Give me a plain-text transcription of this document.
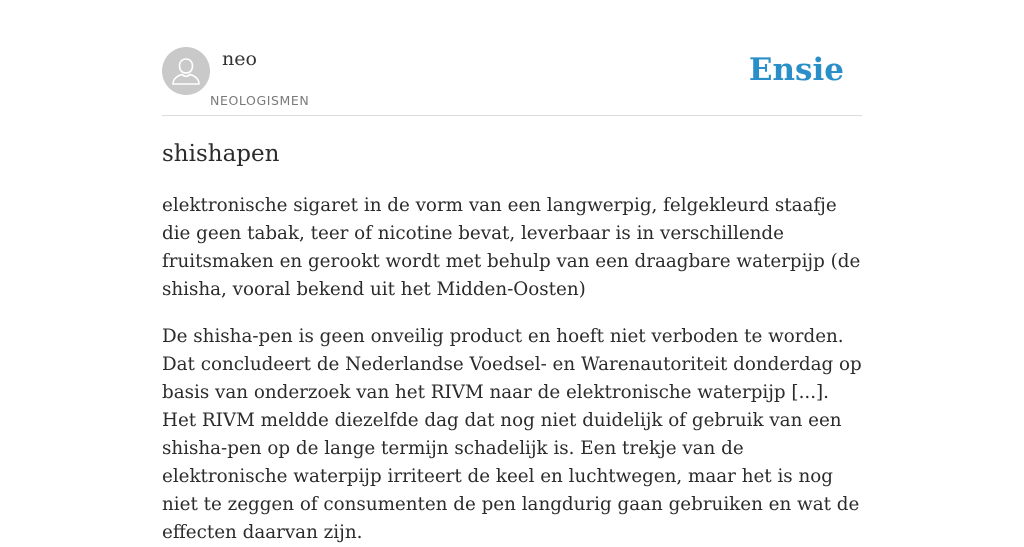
neo
NEOLOGISMEN
Ensie
shishapen

elektronische sigaret in de vorm van een langwerpig, felgekleurd staafje die geen tabak, teer of nicotine bevat, leverbaar is in verschillende fruitsmaken en gerookt wordt met behulp van een draagbare waterpijp (de shisha, vooral bekend uit het Midden-Oosten)

De shisha-pen is geen onveilig product en hoeft niet verboden te worden. Dat concludeert de Nederlandse Voedsel- en Warenautoriteit donderdag op basis van onderzoek van het RIVM naar de elektronische waterpijp [...]. Het RIVM meldde diezelfde dag dat nog niet duidelijk of gebruik van een shisha-pen op de lange termijn schadelijk is. Een trekje van de elektronische waterpijp irriteert de keel en luchtwegen, maar het is nog niet te zeggen of consumenten de pen langdurig gaan gebruiken en wat de effecten daarvan zijn.
